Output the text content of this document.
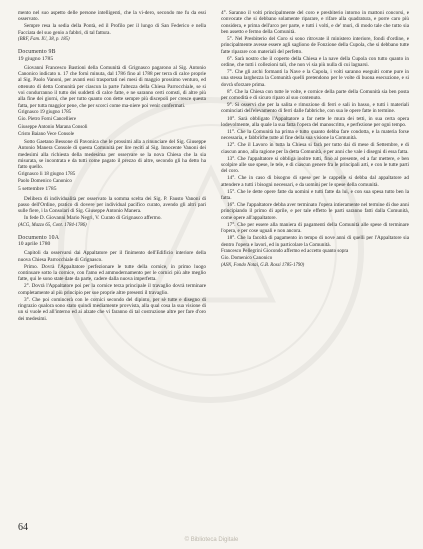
mento nel suo aspetto delle persone intelligenti, che la vi-dero, secondo me fu da essi osservato.

Sempre resa la sedia della Pontà, ed il Profilo per il lungo di San Federico e nella Facciata del suo genio a fabbri, di tal fattura.

(BRF, Fam. IU, 38, p. 185)

Documento 9B

19 giugno 1785

Giovanni Francesco Bastioni della Comunità di Grignasco pagarono al Sig. Antonio Canonico indicato n. 17 che fornì minuta, dal 1786 fino al 1788 per terra di calce proprie al Sig. Paolo Vanoni, per avanti essi trasportati nei mesi di maggio prossimo venturo, ed ottenuto di detta Comunità per ciascun la parte l'altezza della Chiesa Parrocchiale, se si voi condurranno il tutto dei suddetti di calce fatte, e ne saranno certi comsti, di altre più alla fine dei giorni, che per tutto quanto con dette sempre più discepoli per cresce questa fatta, per tutta maggior pene, che per scorci come ma-niere poi venir confermati.

Grignasco 19 giugno 1785

Gio. Pietro Forni Cancelliere

Giuseppe Antonio Marana Consoli

Cristo Baiano Vece Console

Sotto Gaetano Bessone di Pavonica che le prossimi alla a rinunciare del Sig. Giuseppe Antonio Manera Console di questa Comunità per lire reciti al Sig. Innocente Vanoni dei medesimi alla richiesta della medesima per osservare se la nova Chiesa che la sia misurata, se incontrata e da tutti come pagato il prezzo di altre, secondo gli ha detto ha fatto quello.

Grignasco li 18 giugno 1785

Paolo Domenico Canonico

5 settembre 1785

Delibera di individualità per osservato la somma scelta dei Sig. P. Fausto Vanoni di passo dell'Ordine, pratico di dovere per individual pacifico curato, avendo gli altri pari sulle fiere, i la Consolari di Sig. Giuseppe Antonio Manera.

In fede D. Giovanni Mario Negri, V. Curato di Grignasco affermo.

(ACG, Mazzo 65, Cont. 1784-1786)

Documento 10A

10 aprile 1780

Capitoli da osservarsi dai Appaltatore per il finimento dell'Edificio interiore della nuova Chiesa Parrocchiale di Grignasco.

Primo. Dovrà l'Appaltatore perfezionare le tutte della cornice, in primo luogo continuare sotto la cornice, con l'amo ed ammodernamento per le cornici più alte meglio fatte, qui le sono state date da parte, cadere dalla nuova imperfetta.

2°. Dovrà l'Appaltatore poi per la cornice terza principale il travaglio dovrà terminare completamente al più principio per sue proprie altre presenti il travaglio.

3°. Che poi comincerà con le cornici secondo del dipinto, per sè tutte e disegno di ringrazio qualora sono stato quindi mediamente provvista, alla qual cosa la sua visione di un si vuole ed all'interno ed ai alzate che vi faranno di tal costruzione altre per fare d'oro dei medesimi.

4°. Saranno il volti principalmente del coro e presbiterio intorno in mattoni concorsi, e convocate che si debbano solamente riparare, e rifare alla quadratura, e porre caro più considera, e prima dell'arco per parte, e tutti i volti, e de' muri, di modo tale che tutto sia ben assetto e fermo della Comunità.

5°. Nel Presbiterio del Coro si sono ritrovate il ministero interiore, fondi d'ordine, e principalmente avesse essere agli sagliono de Fonzione della Cupola, che si debbano tutte fatte riparare con materiali del perfetto.

6°. Sarà nostro che il coperto della Chiesa e la nave della Cupola con tutto quanto in ordine, che tutti i collezioni tali, che non vi sia più nulla di cui lagnarsi.

7°. Che gli archi formanti la Nave e la Cupola, i volti saranno eseguiti come pure in una stessa larghezza la Comunità quelli pretendono per le volte di buona esecuzione, e si dovrà sforzare prima.

8°. Che la Chiesa con tutte le volte, e cornice della parte della Comunità sia ben posta per comodità e di sicuro riparo al suo contenuto.

9°. Si osservi che per la salita e rimozione di ferri e sali in basso, e tutti i materiali cominciati dell'elevamento di ferri dalle fabbriche, con sua le opere fatte in termine.

10°. Sarà obbligato l'Appaltatore a far nette le mura dei tetti, in sua certa opera lodevolmente, alla quale la sua fatta l'opera del manoscritto, e perfezione per ogni tempo.

11°. Che la Comunità ha prima e tutto quanto debba fare condotta, e la materia forse necessaria, e fabbriche tutte al fine della sua visione la Comunità.

12°. Che il Lavoro in tutta la Chiesa si farà per tutto dai di mese di Settembre, e di ciascun anno, alla ragione per la detta Comunità, e per anni che vale i disegni di essa fatta.

13°. Che l'appaltatore si obbliga inoltre tutti, fino al presente, ed a far mettere, e ben scolpire alle sue spese, le tele, e di ciascun genere fra le principali arti, e con le tutte parti del coro.

14°. Che in caso di bisogno di spese per le cappelle si debba dal appaltatore ad attendere a tutti i bisogni necessari, e da uomini per le spese della comunità.

15°. Che le dette opere fatte da uomini e tutti fatte da lui, e con sua spesa tutto ben la fatta.

16°. Che l'appaltatore debba aver terminato l'opera intieramente nel termine di due anni principiando il primo di aprile, e per tale effetto le parti saranno fatti dalla Comunità, come opere all'appaltatore.

17°. Che per essere alla maniera di pagamenti della Comunità alle spese di terminare l'opera, e per cose uguali e non ancora.

18°. Che la facoltà di pagamento in tempo di nove anni di quelli per l'Appaltatore sia dentro l'opera e lavori, ed in particolare la Comunità.

Francesco Pellegrini Giocondo affermo ed accetto quanto sopra

Gio. Domenico Canonico

(ASN, Fondo Notai, G.B. Rossi 1785-1790)

64
© Biblioteca Digitale
